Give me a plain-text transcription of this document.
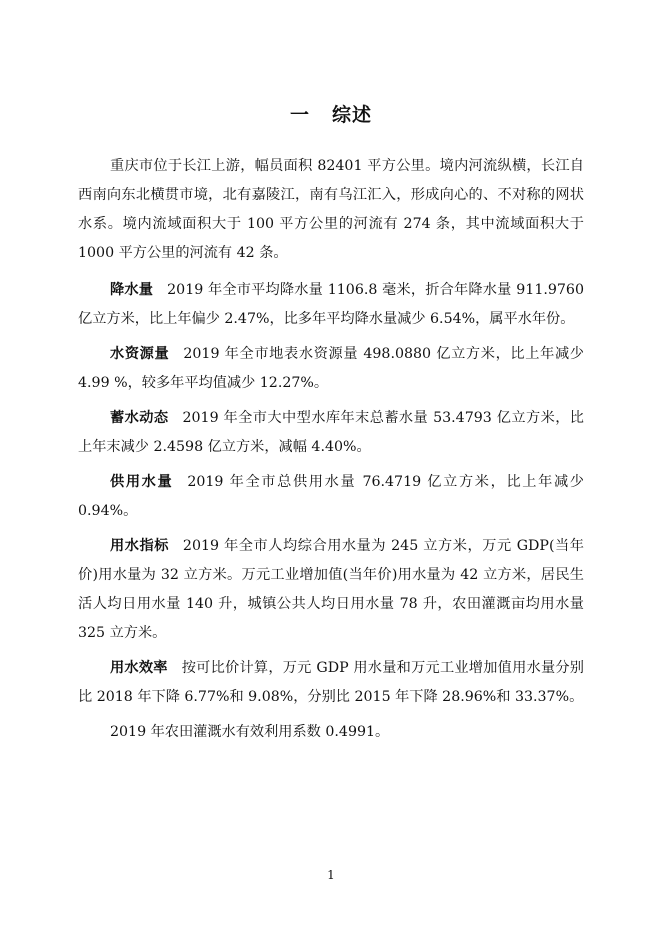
一 综述

重庆市位于长江上游，幅员面积 82401 平方公里。境内河流纵横，长江自西南向东北横贯市境，北有嘉陵江，南有乌江汇入，形成向心的、不对称的网状水系。境内流域面积大于 100 平方公里的河流有 274 条，其中流域面积大于 1000 平方公里的河流有 42 条。

降水量 2019 年全市平均降水量 1106.8 毫米，折合年降水量 911.9760 亿立方米，比上年偏少 2.47%，比多年平均降水量减少 6.54%，属平水年份。

水资源量 2019 年全市地表水资源量 498.0880 亿立方米，比上年减少 4.99 %，较多年平均值减少 12.27%。

蓄水动态 2019 年全市大中型水库年末总蓄水量 53.4793 亿立方米，比上年末减少 2.4598 亿立方米，减幅 4.40%。

供用水量 2019 年全市总供用水量 76.4719 亿立方米，比上年减少 0.94%。

用水指标 2019 年全市人均综合用水量为 245 立方米，万元 GDP(当年价)用水量为 32 立方米。万元工业增加值(当年价)用水量为 42 立方米，居民生活人均日用水量 140 升，城镇公共人均日用水量 78 升，农田灌溉亩均用水量 325 立方米。

用水效率 按可比价计算，万元 GDP 用水量和万元工业增加值用水量分别比 2018 年下降 6.77%和 9.08%，分别比 2015 年下降 28.96%和 33.37%。

2019 年农田灌溉水有效利用系数 0.4991。

1
